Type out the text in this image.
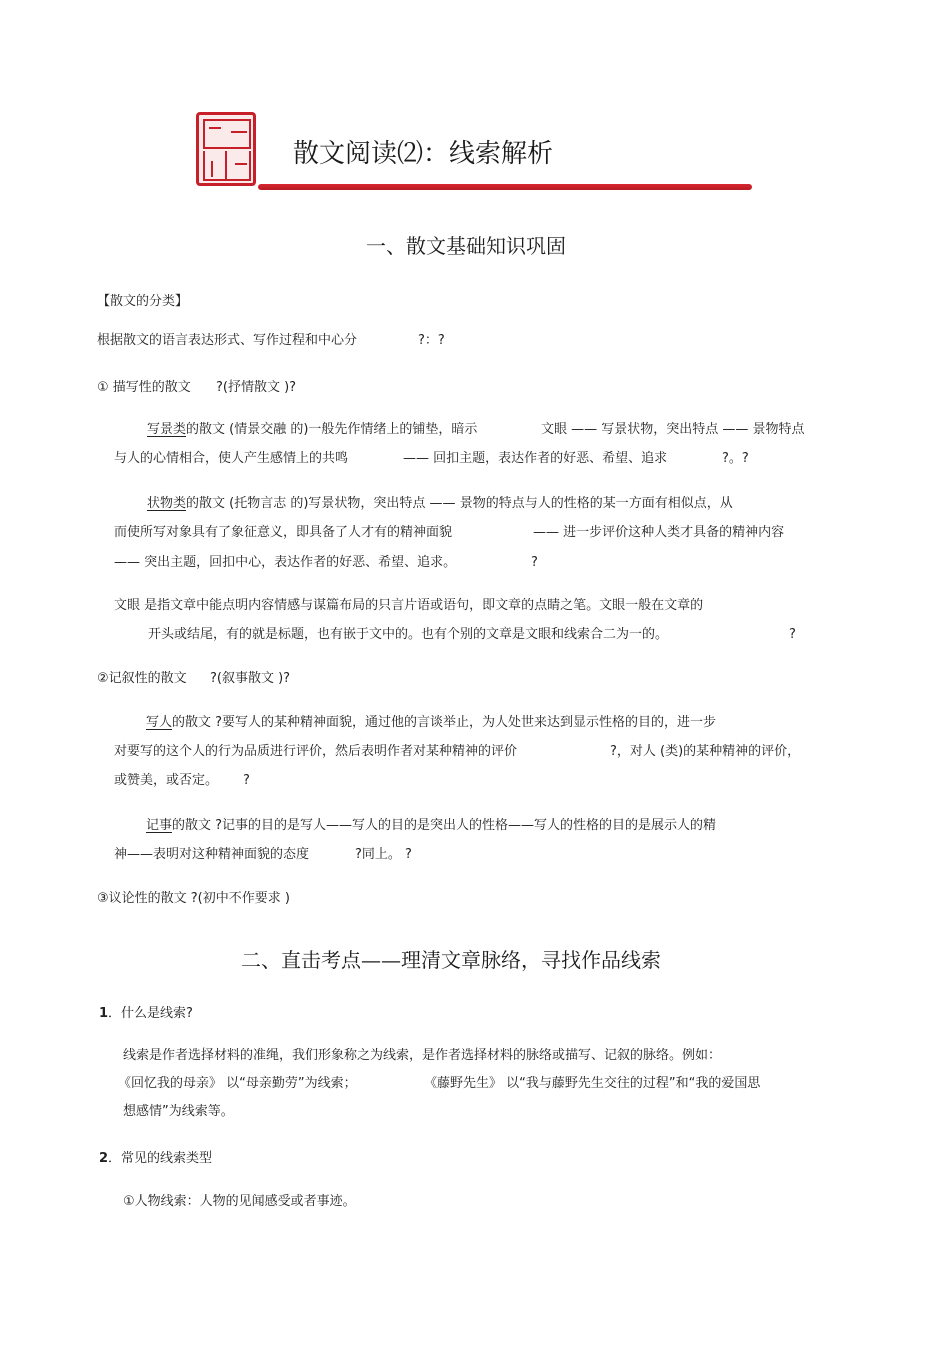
散文阅读⑵：线索解析
一、散文基础知识巩固
【散文的分类】
根据散文的语言表达形式、写作过程和中心分	?：?
① 描写性的散文 ?(抒情散文 )?
写景类的散文 (情景交融 的)一般先作情绪上的铺垫，暗示	文眼 —— 写景状物，突出特点 —— 景物特点
与人的心情相合，使人产生感情上的共鸣	—— 回扣主题，表达作者的好恶、希望、追求	?。?
状物类的散文 (托物言志 的)写景状物，突出特点 —— 景物的特点与人的性格的某一方面有相似点，从
而使所写对象具有了象征意义，即具备了人才有的精神面貌	—— 进一步评价这种人类才具备的精神内容
—— 突出主题，回扣中心，表达作者的好恶、希望、追求。	?
文眼 是指文章中能点明内容情感与谋篇布局的只言片语或语句，即文章的点睛之笔。文眼一般在文章的
开头或结尾，有的就是标题，也有嵌于文中的。也有个别的文章是文眼和线索合二为一的。	?
②记叙性的散文 ?(叙事散文 )?
写人的散文 ?要写人的某种精神面貌，通过他的言谈举止，为人处世来达到显示性格的目的，进一步
对要写的这个人的行为品质进行评价，然后表明作者对某种精神的评价	?，对人 (类)的某种精神的评价，
或赞美，或否定。 ?
记事的散文 ?记事的目的是写人——写人的目的是突出人的性格——写人的性格的目的是展示人的精
神——表明对这种精神面貌的态度	?同上。 ?
③议论性的散文 ?(初中不作要求 )
二、直击考点——理清文章脉络，寻找作品线索
1．什么是线索?
线索是作者选择材料的准绳，我们形象称之为线索，是作者选择材料的脉络或描写、记叙的脉络。例如：
《回忆我的母亲》 以“母亲勤劳”为线索；	《藤野先生》 以“我与藤野先生交往的过程”和“我的爱国思
想感情”为线索等。
2．常见的线索类型
①人物线索：人物的见闻感受或者事迹。
